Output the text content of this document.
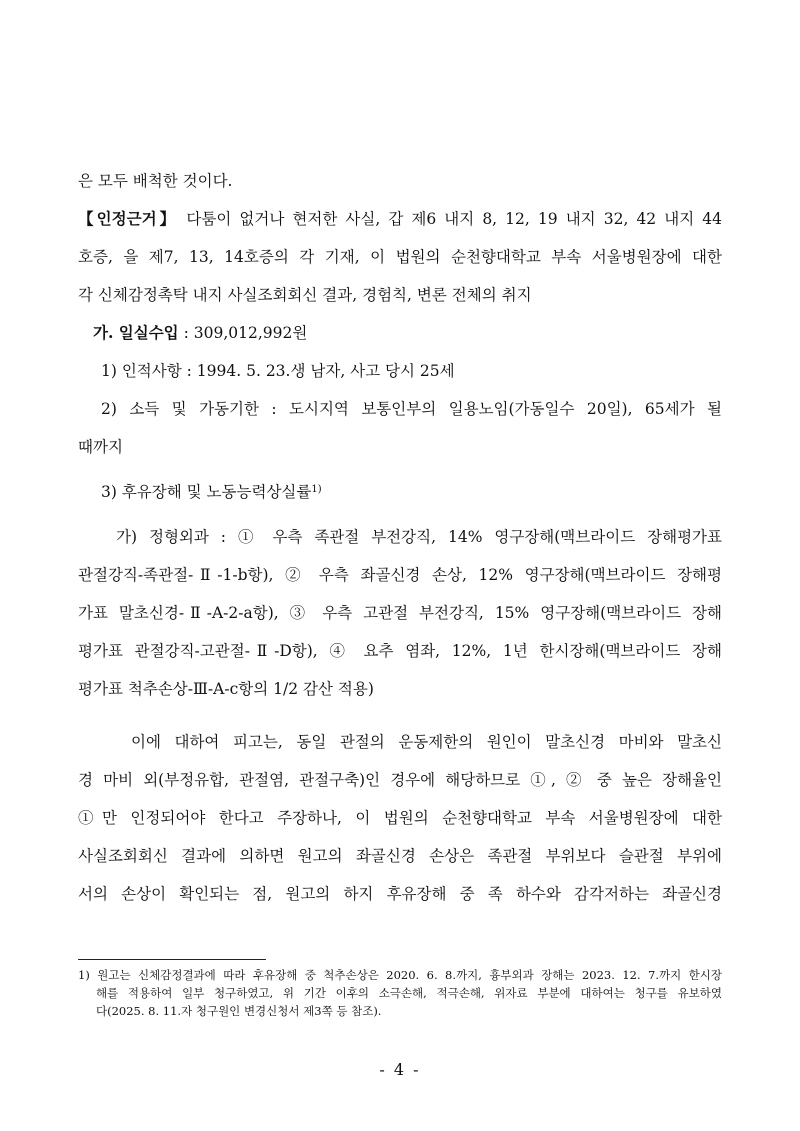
은 모두 배척한 것이다.
【인정근거】 다툼이 없거나 현저한 사실, 갑 제6 내지 8, 12, 19 내지 32, 42 내지 44
호증, 을 제7, 13, 14호증의 각 기재, 이 법원의 순천향대학교 부속 서울병원장에 대한
각 신체감정촉탁 내지 사실조회회신 결과, 경험칙, 변론 전체의 취지
가. 일실수입 : 309,012,992원
1) 인적사항 : 1994. 5. 23.생 남자, 사고 당시 25세
2) 소득 및 가동기한 : 도시지역 보통인부의 일용노임(가동일수 20일), 65세가 될
때까지
3) 후유장해 및 노동능력상실률$^{1)}$
가) 정형외과 : ① 우측 족관절 부전강직, 14% 영구장해(맥브라이드 장해평가표
관절강직-족관절-Ⅱ-1-b항), ② 우측 좌골신경 손상, 12% 영구장해(맥브라이드 장해평
가표 말초신경-Ⅱ-A-2-a항), ③ 우측 고관절 부전강직, 15% 영구장해(맥브라이드 장해
평가표 관절강직-고관절-Ⅱ-D항), ④ 요추 염좌, 12%, 1년 한시장해(맥브라이드 장해
평가표 척추손상-Ⅲ-A-c항의 1/2 감산 적용)
이에 대하여 피고는, 동일 관절의 운동제한의 원인이 말초신경 마비와 말초신
경 마비 외(부정유합, 관절염, 관절구축)인 경우에 해당하므로 ①, ② 중 높은 장해율인
①만 인정되어야 한다고 주장하나, 이 법원의 순천향대학교 부속 서울병원장에 대한
사실조회회신 결과에 의하면 원고의 좌골신경 손상은 족관절 부위보다 슬관절 부위에
서의 손상이 확인되는 점, 원고의 하지 후유장해 중 족 하수와 감각저하는 좌골신경
1) 원고는 신체감정결과에 따라 후유장해 중 척추손상은 2020. 6. 8.까지, 흉부외과 장해는 2023. 12. 7.까지 한시장
해를 적용하여 일부 청구하였고, 위 기간 이후의 소극손해, 적극손해, 위자료 부분에 대하여는 청구를 유보하였
다(2025. 8. 11.자 청구원인 변경신청서 제3쪽 등 참조).
- 4 -
